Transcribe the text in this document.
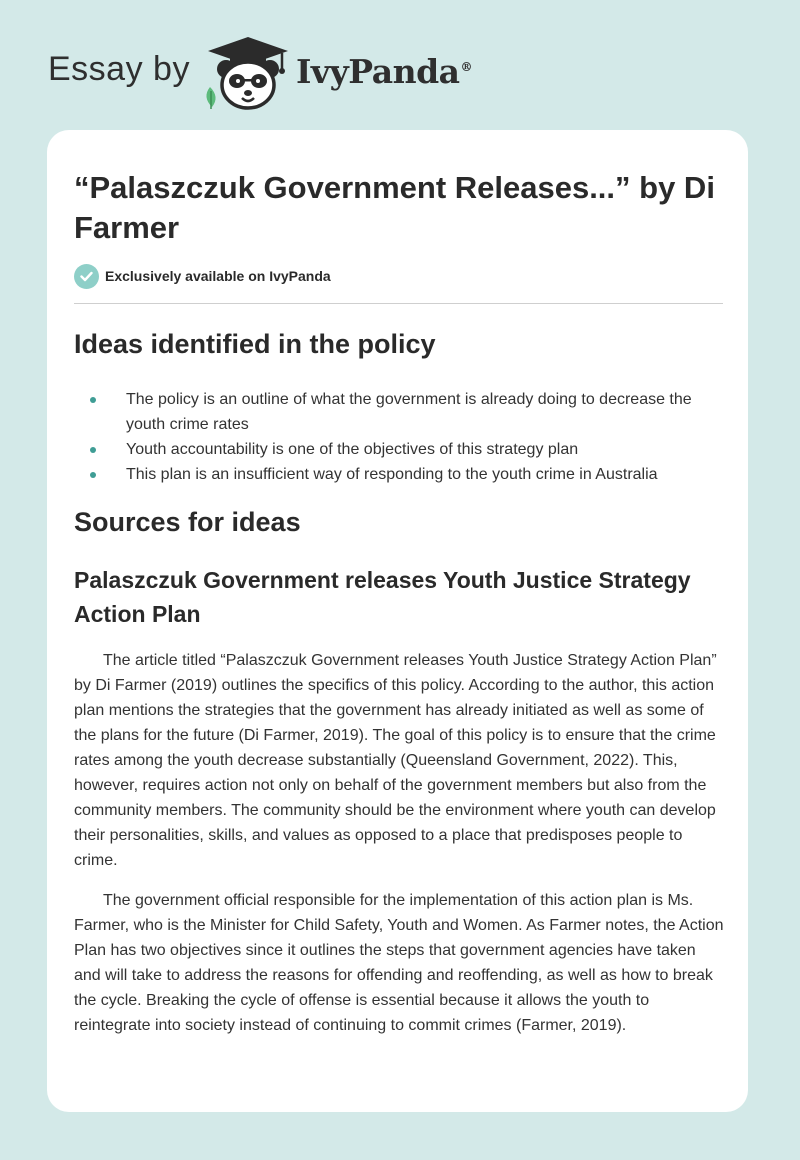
Essay by	IvyPanda®
“Palaszczuk Government Releases...” by Di Farmer
Exclusively available on IvyPanda
Ideas identified in the policy
The policy is an outline of what the government is already doing to decrease the youth crime rates
Youth accountability is one of the objectives of this strategy plan
This plan is an insufficient way of responding to the youth crime in Australia
Sources for ideas
Palaszczuk Government releases Youth Justice Strategy Action Plan

The article titled “Palaszczuk Government releases Youth Justice Strategy Action Plan” by Di Farmer (2019) outlines the specifics of this policy. According to the author, this action plan mentions the strategies that the government has already initiated as well as some of the plans for the future (Di Farmer, 2019). The goal of this policy is to ensure that the crime rates among the youth decrease substantially (Queensland Government, 2022). This, however, requires action not only on behalf of the government members but also from the community members. The community should be the environment where youth can develop their personalities, skills, and values as opposed to a place that predisposes people to crime.

The government official responsible for the implementation of this action plan is Ms. Farmer, who is the Minister for Child Safety, Youth and Women. As Farmer notes, the Action Plan has two objectives since it outlines the steps that government agencies have taken and will take to address the reasons for offending and reoffending, as well as how to break the cycle. Breaking the cycle of offense is essential because it allows the youth to reintegrate into society instead of continuing to commit crimes (Farmer, 2019).
